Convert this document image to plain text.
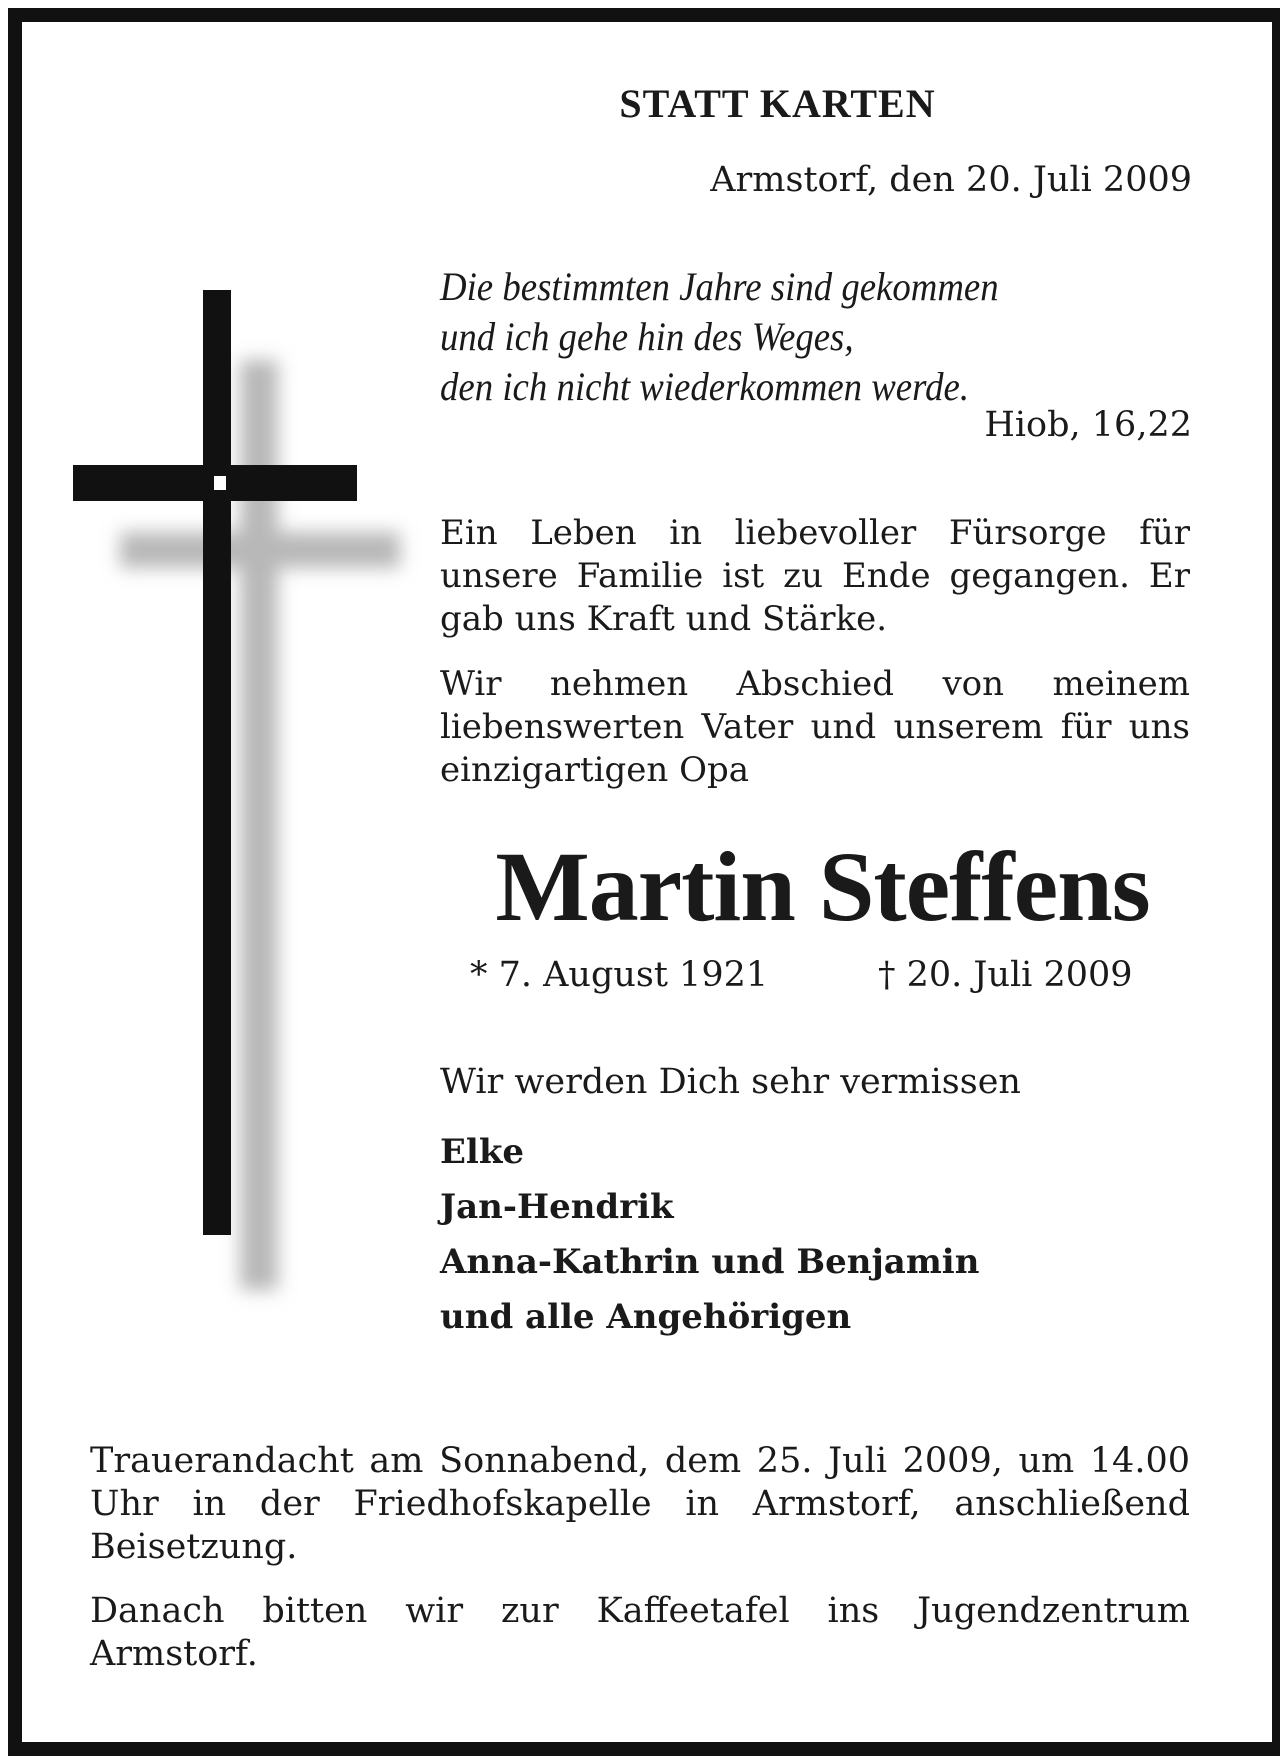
STATT KARTEN
Armstorf, den 20. Juli 2009
Die bestimmten Jahre sind gekommen
und ich gehe hin des Weges,
den ich nicht wiederkommen werde.
Hiob, 16,22

Ein Leben in liebevoller Fürsorge für unsere Familie ist zu Ende gegangen. Er gab uns Kraft und Stärke.

Wir nehmen Abschied von meinem liebenswerten Vater und unserem für uns einzigartigen Opa

Martin Steffens
* 7. August 1921	† 20. Juli 2009
Wir werden Dich sehr vermissen
Elke
Jan-Hendrik
Anna-Kathrin und Benjamin
und alle Angehörigen

Trauerandacht am Sonnabend, dem 25. Juli 2009, um 14.00 Uhr in der Friedhofskapelle in Armstorf, anschließend Beisetzung.

Danach bitten wir zur Kaffeetafel ins Jugendzentrum Armstorf.
